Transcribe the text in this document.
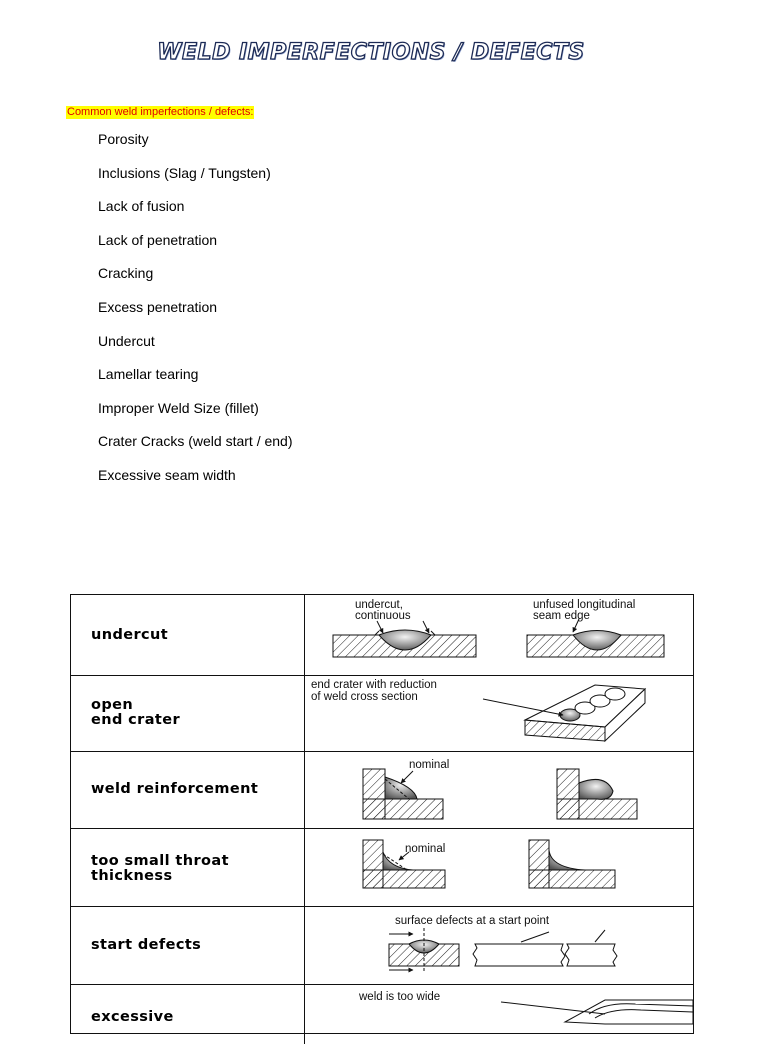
WELD IMPERFECTIONS / DEFECTS
Common weld imperfections / defects:
Porosity
Inclusions (Slag / Tungsten)
Lack of fusion
Lack of penetration
Cracking
Excess penetration
Undercut
Lamellar tearing
Improper Weld Size (fillet)
Crater Cracks (weld start / end)
Excessive seam width
undercut
undercut,
continuous
unfused longitudinal
seam edge
open
end crater
end crater with reduction
of weld cross section
weld reinforcement
nominal
too small throat
thickness
nominal
start defects
surface defects at a start point
excessive
weld is too wide
